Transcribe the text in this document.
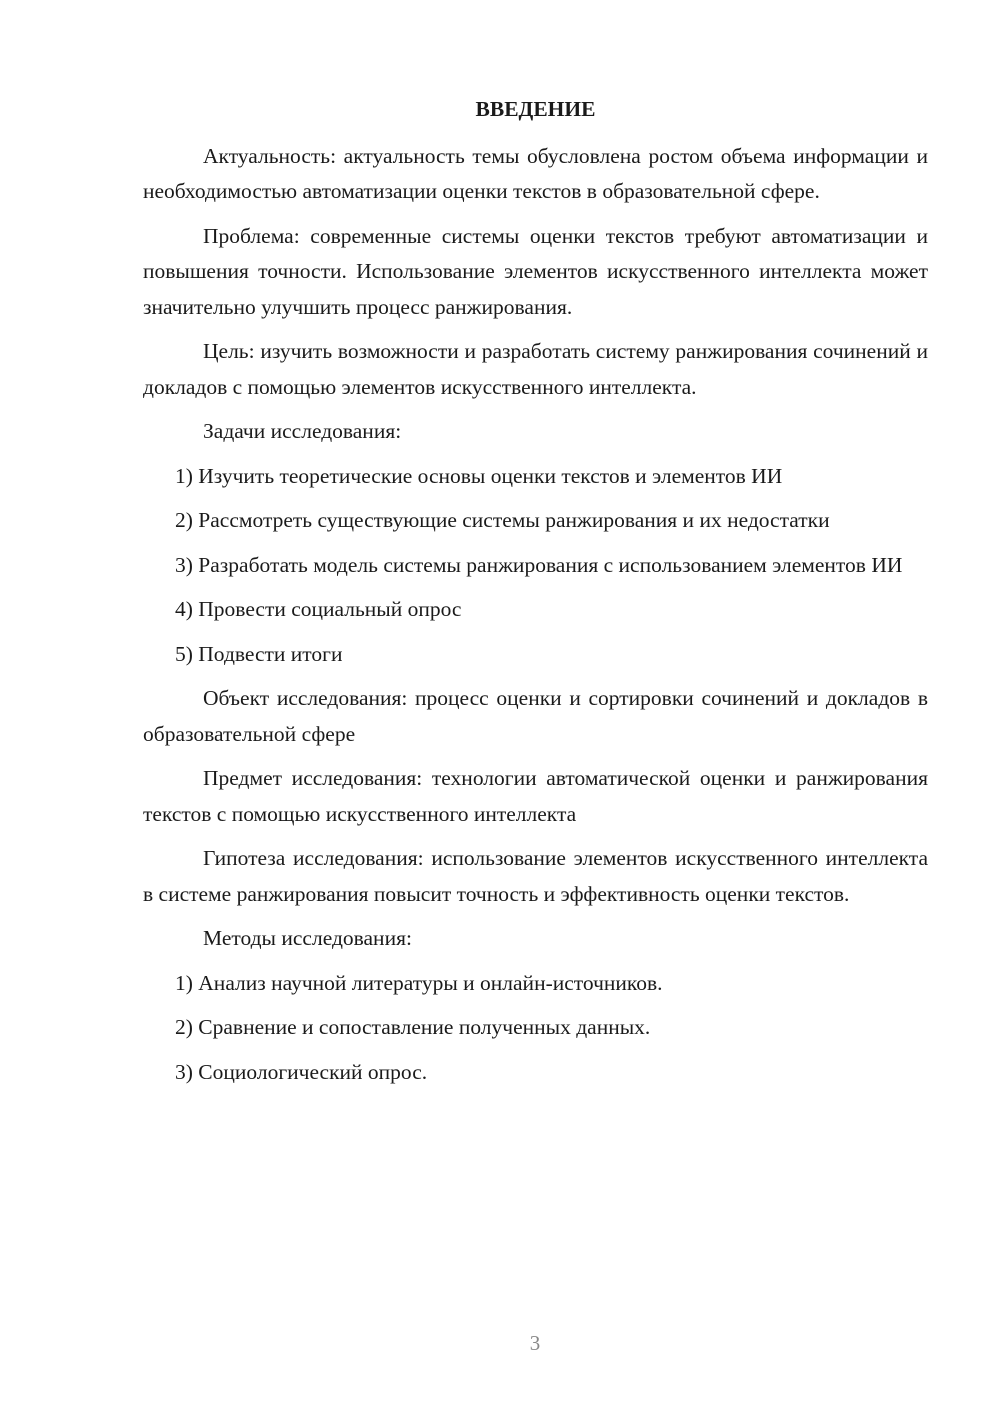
ВВЕДЕНИЕ

Актуальность: актуальность темы обусловлена ростом объема информации и необходимостью автоматизации оценки текстов в образовательной сфере.

Проблема: современные системы оценки текстов требуют автоматизации и повышения точности. Использование элементов искусственного интеллекта может значительно улучшить процесс ранжирования.

Цель: изучить возможности и разработать систему ранжирования сочинений и докладов с помощью элементов искусственного интеллекта.

Задачи исследования:

1) Изучить теоретические основы оценки текстов и элементов ИИ

2) Рассмотреть существующие системы ранжирования и их недостатки

3) Разработать модель системы ранжирования с использованием элементов ИИ

4) Провести социальный опрос

5) Подвести итоги

Объект исследования: процесс оценки и сортировки сочинений и докладов в образовательной сфере

Предмет исследования: технологии автоматической оценки и ранжирования текстов с помощью искусственного интеллекта

Гипотеза исследования: использование элементов искусственного интеллекта в системе ранжирования повысит точность и эффективность оценки текстов.

Методы исследования:

1) Анализ научной литературы и онлайн-источников.

2) Сравнение и сопоставление полученных данных.

3) Социологический опрос.

3
